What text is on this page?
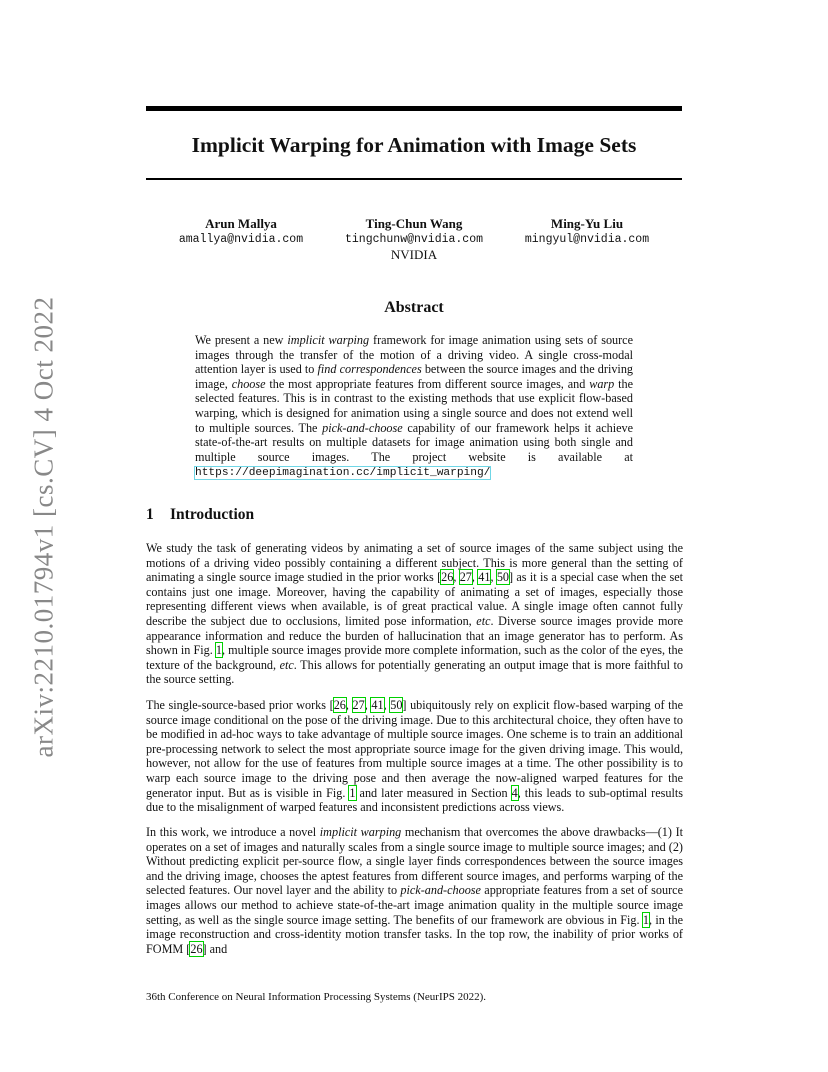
Implicit Warping for Animation with Image Sets
arXiv:2210.01794v1 [cs.CV] 4 Oct 2022
Arun Mallya
amallya@nvidia.com
Ting-Chun Wang
tingchunw@nvidia.com
Ming-Yu Liu
mingyul@nvidia.com
NVIDIA
Abstract

We present a new implicit warping framework for image animation using sets of source images through the transfer of the motion of a driving video. A single cross-modal attention layer is used to find correspondences between the source images and the driving image, choose the most appropriate features from different source images, and warp the selected features. This is in contrast to the existing methods that use explicit flow-based warping, which is designed for animation using a single source and does not extend well to multiple sources. The pick-and-choose capability of our framework helps it achieve state-of-the-art results on multiple datasets for image animation using both single and multiple source images. The project website is available at https://deepimagination.cc/implicit_warping/

1 Introduction

We study the task of generating videos by animating a set of source images of the same subject using the motions of a driving video possibly containing a different subject. This is more general than the setting of animating a single source image studied in the prior works [26, 27, 41, 50] as it is a special case when the set contains just one image. Moreover, having the capability of animating a set of images, especially those representing different views when available, is of great practical value. A single image often cannot fully describe the subject due to occlusions, limited pose information, etc. Diverse source images provide more appearance information and reduce the burden of hallucination that an image generator has to perform. As shown in Fig. 1, multiple source images provide more complete information, such as the color of the eyes, the texture of the background, etc. This allows for potentially generating an output image that is more faithful to the source setting.

The single-source-based prior works [26, 27, 41, 50] ubiquitously rely on explicit flow-based warping of the source image conditional on the pose of the driving image. Due to this architectural choice, they often have to be modified in ad-hoc ways to take advantage of multiple source images. One scheme is to train an additional pre-processing network to select the most appropriate source image for the given driving image. This would, however, not allow for the use of features from multiple source images at a time. The other possibility is to warp each source image to the driving pose and then average the now-aligned warped features for the generator input. But as is visible in Fig. 1 and later measured in Section 4, this leads to sub-optimal results due to the misalignment of warped features and inconsistent predictions across views.

In this work, we introduce a novel implicit warping mechanism that overcomes the above drawbacks—(1) It operates on a set of images and naturally scales from a single source image to multiple source images; and (2) Without predicting explicit per-source flow, a single layer finds correspondences between the source images and the driving image, chooses the aptest features from different source images, and performs warping of the selected features. Our novel layer and the ability to pick-and-choose appropriate features from a set of source images allows our method to achieve state-of-the-art image animation quality in the multiple source image setting, as well as the single source image setting. The benefits of our framework are obvious in Fig. 1, in the image reconstruction and cross-identity motion transfer tasks. In the top row, the inability of prior works of FOMM [26] and

36th Conference on Neural Information Processing Systems (NeurIPS 2022).
